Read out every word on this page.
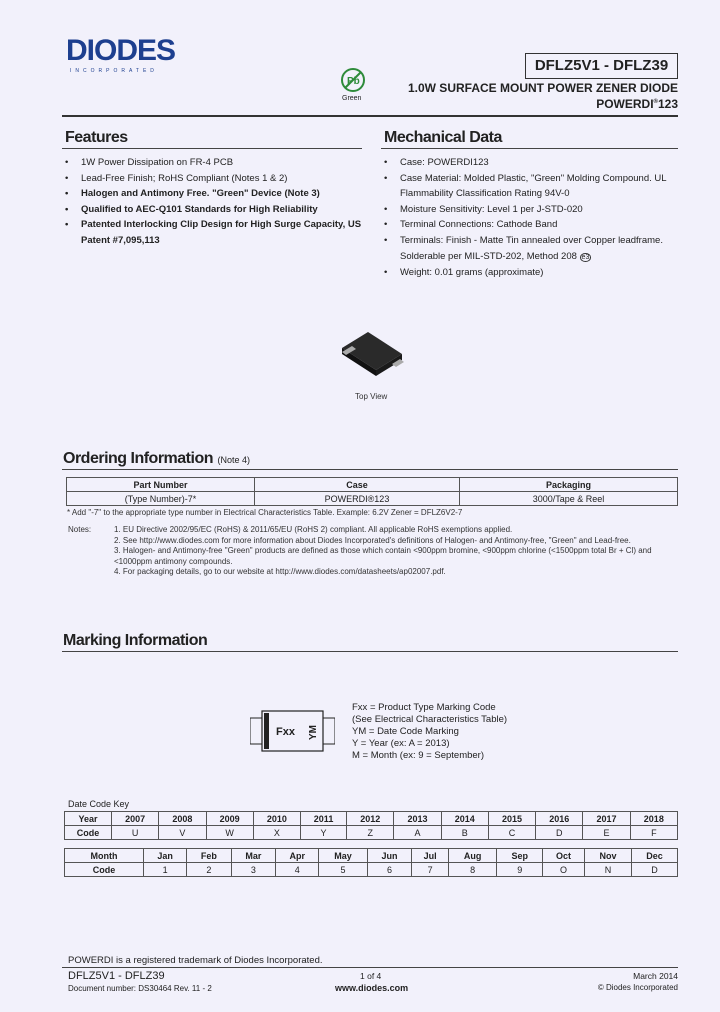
DIODES
INCORPORATED
Pb
Green
DFLZ5V1 - DFLZ39
1.0W SURFACE MOUNT POWER ZENER DIODE
POWERDI®123
Features
• 1W Power Dissipation on FR-4 PCB
• Lead-Free Finish; RoHS Compliant (Notes 1 & 2)
• Halogen and Antimony Free. "Green" Device (Note 3)
• Qualified to AEC-Q101 Standards for High Reliability
• Patented Interlocking Clip Design for High Surge Capacity, US Patent #7,095,113
Mechanical Data
• Case: POWERDI123
• Case Material: Molded Plastic, "Green" Molding Compound. UL Flammability Classification Rating 94V-0
• Moisture Sensitivity: Level 1 per J-STD-020
• Terminal Connections: Cathode Band
• Terminals: Finish - Matte Tin annealed over Copper leadframe. Solderable per MIL-STD-202, Method 208 e3
• Weight: 0.01 grams (approximate)
Top View
Ordering Information (Note 4)
Part Number	Case	Packaging
(Type Number)-7*	POWERDI®123	3000/Tape & Reel
* Add "-7" to the appropriate type number in Electrical Characteristics Table. Example: 6.2V Zener = DFLZ6V2-7
Notes:	1. EU Directive 2002/95/EC (RoHS) & 2011/65/EU (RoHS 2) compliant. All applicable RoHS exemptions applied.
2. See http://www.diodes.com for more information about Diodes Incorporated's definitions of Halogen- and Antimony-free, "Green" and Lead-free.
3. Halogen- and Antimony-free "Green" products are defined as those which contain <900ppm bromine, <900ppm chlorine (<1500ppm total Br + Cl) and <1000ppm antimony compounds.
4. For packaging details, go to our website at http://www.diodes.com/datasheets/ap02007.pdf.
Marking Information
Fxx YM
Fxx = Product Type Marking Code
(See Electrical Characteristics Table)
YM = Date Code Marking
Y = Year (ex: A = 2013)
M = Month (ex: 9 = September)
Date Code Key
Year	2007	2008	2009	2010	2011	2012	2013	2014	2015	2016	2017	2018
Code	U	V	W	X	Y	Z	A	B	C	D	E	F
Month	Jan	Feb	Mar	Apr	May	Jun	Jul	Aug	Sep	Oct	Nov	Dec
Code	1	2	3	4	5	6	7	8	9	O	N	D
POWERDI is a registered trademark of Diodes Incorporated.
DFLZ5V1 - DFLZ39
Document number: DS30464 Rev. 11 - 2
1 of 4
www.diodes.com
March 2014
© Diodes Incorporated
